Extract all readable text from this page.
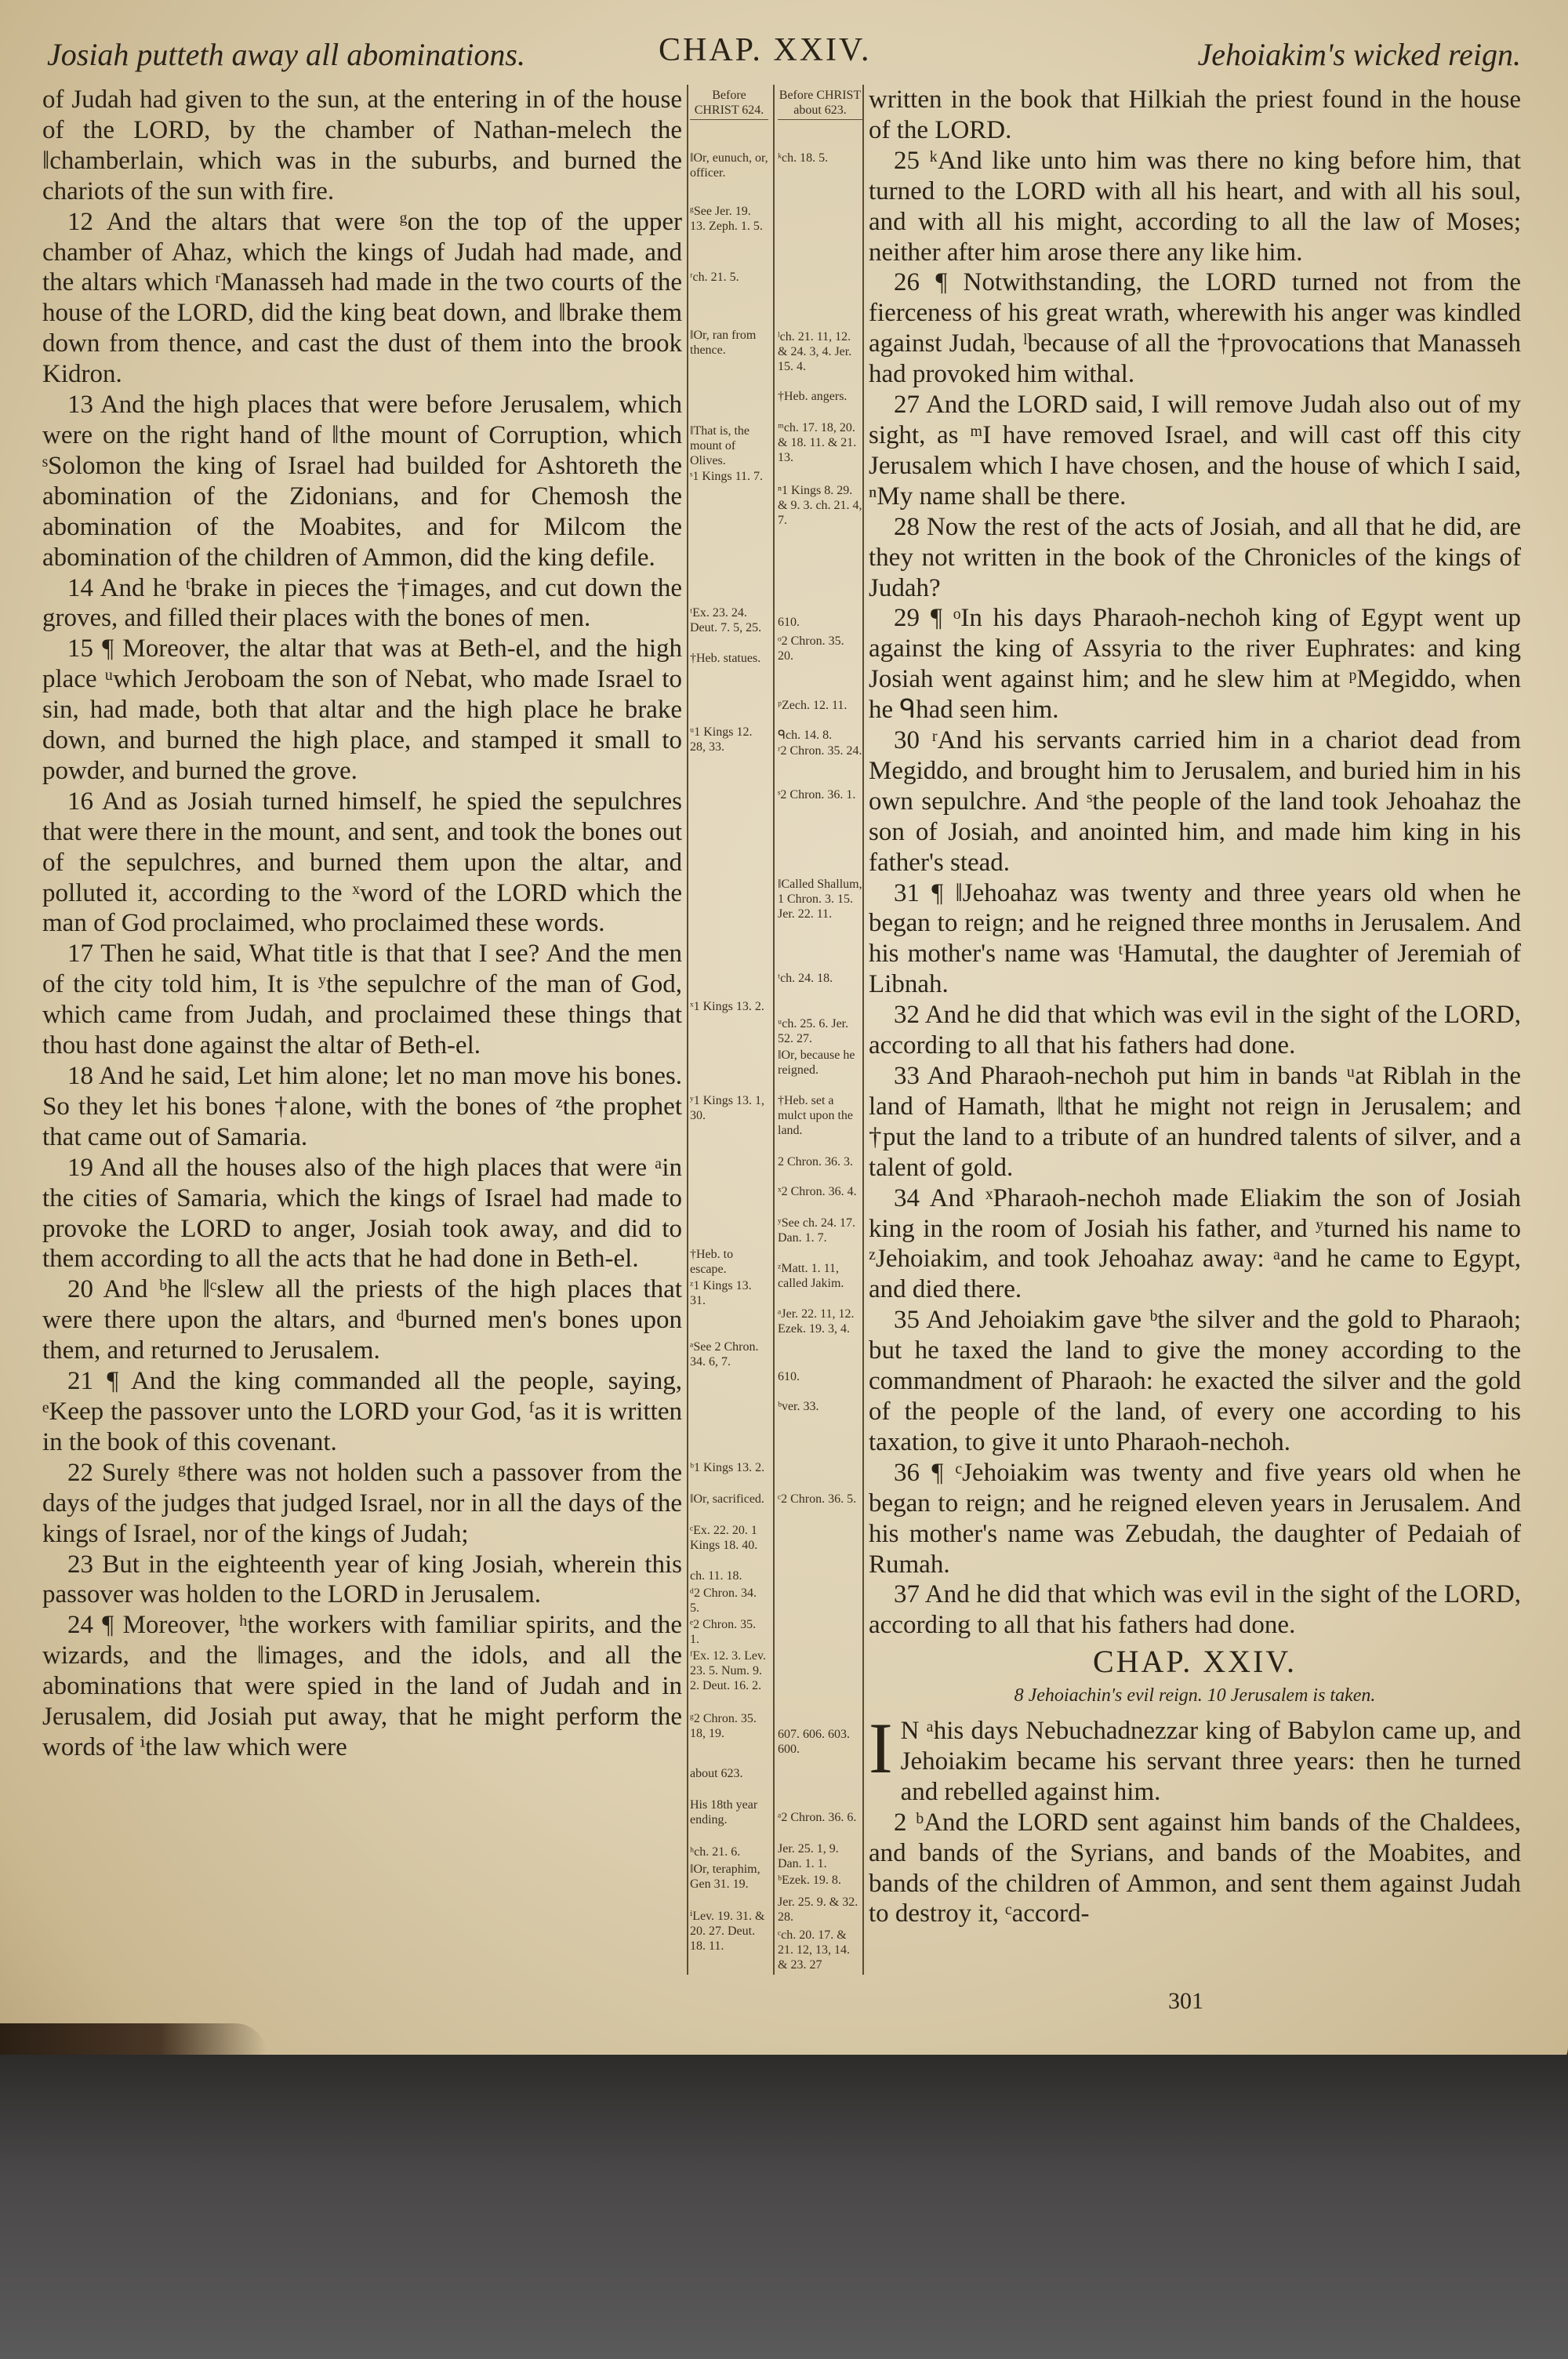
Josiah putteth away all abominations.	CHAP. XXIV.	Jehoiakim's wicked reign.

of Judah had given to the sun, at the entering in of the house of the LORD, by the chamber of Nathan-melech the ‖chamberlain, which was in the suburbs, and burned the chariots of the sun with fire.

12 And the altars that were ᵍon the top of the upper chamber of Ahaz, which the kings of Judah had made, and the altars which ʳManasseh had made in the two courts of the house of the LORD, did the king beat down, and ‖brake them down from thence, and cast the dust of them into the brook Kidron.

13 And the high places that were before Jerusalem, which were on the right hand of ‖the mount of Corruption, which ˢSolomon the king of Israel had builded for Ashtoreth the abomination of the Zidonians, and for Chemosh the abomination of the Moabites, and for Milcom the abomination of the children of Ammon, did the king defile.

14 And he ᵗbrake in pieces the †images, and cut down the groves, and filled their places with the bones of men.

15 ¶ Moreover, the altar that was at Beth-el, and the high place ᵘwhich Jeroboam the son of Nebat, who made Israel to sin, had made, both that altar and the high place he brake down, and burned the high place, and stamped it small to powder, and burned the grove.

16 And as Josiah turned himself, he spied the sepulchres that were there in the mount, and sent, and took the bones out of the sepulchres, and burned them upon the altar, and polluted it, according to the ˣword of the LORD which the man of God proclaimed, who proclaimed these words.

17 Then he said, What title is that that I see? And the men of the city told him, It is ʸthe sepulchre of the man of God, which came from Judah, and proclaimed these things that thou hast done against the altar of Beth-el.

18 And he said, Let him alone; let no man move his bones. So they let his bones †alone, with the bones of ᶻthe prophet that came out of Samaria.

19 And all the houses also of the high places that were ᵃin the cities of Samaria, which the kings of Israel had made to provoke the LORD to anger, Josiah took away, and did to them according to all the acts that he had done in Beth-el.

20 And ᵇhe ‖ᶜslew all the priests of the high places that were there upon the altars, and ᵈburned men's bones upon them, and returned to Jerusalem.

21 ¶ And the king commanded all the people, saying, ᵉKeep the passover unto the LORD your God, ᶠas it is written in the book of this covenant.

22 Surely ᵍthere was not holden such a passover from the days of the judges that judged Israel, nor in all the days of the kings of Israel, nor of the kings of Judah;

23 But in the eighteenth year of king Josiah, wherein this passover was holden to the LORD in Jerusalem.

24 ¶ Moreover, ʰthe workers with familiar spirits, and the wizards, and the ‖images, and the idols, and all the abominations that were spied in the land of Judah and in Jerusalem, did Josiah put away, that he might perform the words of ⁱthe law which were

Before CHRIST 624.
‖Or, eunuch, or, officer.
ᵍSee Jer. 19. 13. Zeph. 1. 5.
ʳch. 21. 5.
‖Or, ran from thence.
‖That is, the mount of Olives.
ˢ1 Kings 11. 7.
ᵗEx. 23. 24. Deut. 7. 5, 25.
†Heb. statues.
ᵘ1 Kings 12. 28, 33.
ˣ1 Kings 13. 2.
ʸ1 Kings 13. 1, 30.
†Heb. to escape.
ᶻ1 Kings 13. 31.
ᵃSee 2 Chron. 34. 6, 7.
ᵇ1 Kings 13. 2.
‖Or, sacrificed.
ᶜEx. 22. 20. 1 Kings 18. 40.
ch. 11. 18.
ᵈ2 Chron. 34. 5.
ᵉ2 Chron. 35. 1.
ᶠEx. 12. 3. Lev. 23. 5. Num. 9. 2. Deut. 16. 2.
ᵍ2 Chron. 35. 18, 19.
about 623.
His 18th year ending.
ʰch. 21. 6.
‖Or, teraphim, Gen 31. 19.
ⁱLev. 19. 31. & 20. 27. Deut. 18. 11.
Before CHRIST about 623.
ᵏch. 18. 5.
ˡch. 21. 11, 12. & 24. 3, 4. Jer. 15. 4.
†Heb. angers.
ᵐch. 17. 18, 20. & 18. 11. & 21. 13.
ⁿ1 Kings 8. 29. & 9. 3. ch. 21. 4, 7.
610.
ᵒ2 Chron. 35. 20.
ᵖZech. 12. 11.
ᑫch. 14. 8.
ʳ2 Chron. 35. 24.
ˢ2 Chron. 36. 1.
‖Called Shallum, 1 Chron. 3. 15. Jer. 22. 11.
ᵗch. 24. 18.
ᵘch. 25. 6. Jer. 52. 27.
‖Or, because he reigned.
†Heb. set a mulct upon the land.
2 Chron. 36. 3.
ˣ2 Chron. 36. 4.
ʸSee ch. 24. 17. Dan. 1. 7.
ᶻMatt. 1. 11, called Jakim.
ᵃJer. 22. 11, 12. Ezek. 19. 3, 4.
610.
ᵇver. 33.
ᶜ2 Chron. 36. 5.
607. 606. 603. 600.
ᵃ2 Chron. 36. 6.
Jer. 25. 1, 9. Dan. 1. 1.
ᵇEzek. 19. 8.
Jer. 25. 9. & 32. 28.
ᶜch. 20. 17. & 21. 12, 13, 14. & 23. 27

written in the book that Hilkiah the priest found in the house of the LORD.

25 ᵏAnd like unto him was there no king before him, that turned to the LORD with all his heart, and with all his soul, and with all his might, according to all the law of Moses; neither after him arose there any like him.

26 ¶ Notwithstanding, the LORD turned not from the fierceness of his great wrath, wherewith his anger was kindled against Judah, ˡbecause of all the †provocations that Manasseh had provoked him withal.

27 And the LORD said, I will remove Judah also out of my sight, as ᵐI have removed Israel, and will cast off this city Jerusalem which I have chosen, and the house of which I said, ⁿMy name shall be there.

28 Now the rest of the acts of Josiah, and all that he did, are they not written in the book of the Chronicles of the kings of Judah?

29 ¶ ᵒIn his days Pharaoh-nechoh king of Egypt went up against the king of Assyria to the river Euphrates: and king Josiah went against him; and he slew him at ᵖMegiddo, when he ᑫhad seen him.

30 ʳAnd his servants carried him in a chariot dead from Megiddo, and brought him to Jerusalem, and buried him in his own sepulchre. And ˢthe people of the land took Jehoahaz the son of Josiah, and anointed him, and made him king in his father's stead.

31 ¶ ‖Jehoahaz was twenty and three years old when he began to reign; and he reigned three months in Jerusalem. And his mother's name was ᵗHamutal, the daughter of Jeremiah of Libnah.

32 And he did that which was evil in the sight of the LORD, according to all that his fathers had done.

33 And Pharaoh-nechoh put him in bands ᵘat Riblah in the land of Hamath, ‖that he might not reign in Jerusalem; and †put the land to a tribute of an hundred talents of silver, and a talent of gold.

34 And ˣPharaoh-nechoh made Eliakim the son of Josiah king in the room of Josiah his father, and ʸturned his name to ᶻJehoiakim, and took Jehoahaz away: ᵃand he came to Egypt, and died there.

35 And Jehoiakim gave ᵇthe silver and the gold to Pharaoh; but he taxed the land to give the money according to the commandment of Pharaoh: he exacted the silver and the gold of the people of the land, of every one according to his taxation, to give it unto Pharaoh-nechoh.

36 ¶ ᶜJehoiakim was twenty and five years old when he began to reign; and he reigned eleven years in Jerusalem. And his mother's name was Zebudah, the daughter of Pedaiah of Rumah.

37 And he did that which was evil in the sight of the LORD, according to all that his fathers had done.

CHAP. XXIV.
8 Jehoiachin's evil reign. 10 Jerusalem is taken.

I N ᵃhis days Nebuchadnezzar king of Babylon came up, and Jehoiakim became his servant three years: then he turned and rebelled against him.

2 ᵇAnd the LORD sent against him bands of the Chaldees, and bands of the Syrians, and bands of the Moabites, and bands of the children of Ammon, and sent them against Judah to destroy it, ᶜaccord-

301
